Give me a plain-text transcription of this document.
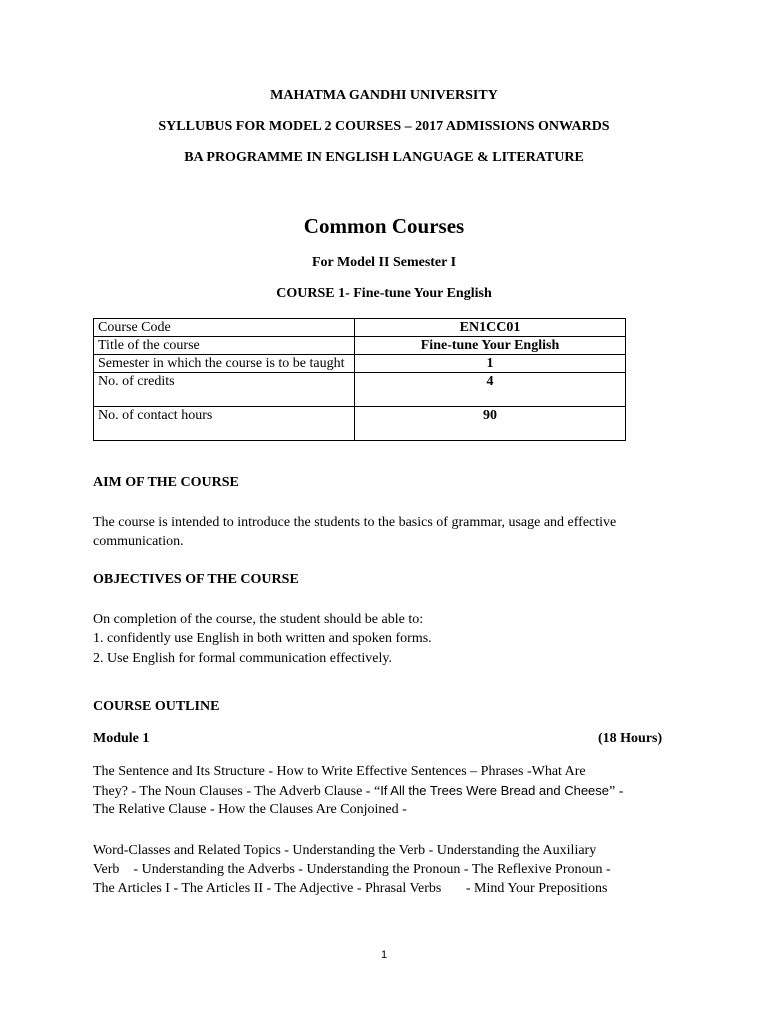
MAHATMA GANDHI UNIVERSITY
SYLLUBUS FOR MODEL 2 COURSES – 2017 ADMISSIONS ONWARDS
BA PROGRAMME IN ENGLISH LANGUAGE & LITERATURE
Common Courses
For Model II Semester I
COURSE 1- Fine-tune Your English
Course Code	EN1CC01
Title of the course	Fine-tune Your English
Semester in which the course is to be taught	1
No. of credits	4
No. of contact hours	90
AIM OF THE COURSE
The course is intended to introduce the students to the basics of grammar, usage and effective
communication.
OBJECTIVES OF THE COURSE
On completion of the course, the student should be able to:
1. confidently use English in both written and spoken forms.
2. Use English for formal communication effectively.
COURSE OUTLINE
Module 1	(18 Hours)
The Sentence and Its Structure - How to Write Effective Sentences – Phrases -What Are
They? - The Noun Clauses - The Adverb Clause - “If All the Trees Were Bread and Cheese” -
The Relative Clause - How the Clauses Are Conjoined -
Word-Classes and Related Topics - Understanding the Verb - Understanding the Auxiliary
Verb    - Understanding the Adverbs - Understanding the Pronoun - The Reflexive Pronoun -
The Articles I - The Articles II - The Adjective - Phrasal Verbs       - Mind Your Prepositions
1
